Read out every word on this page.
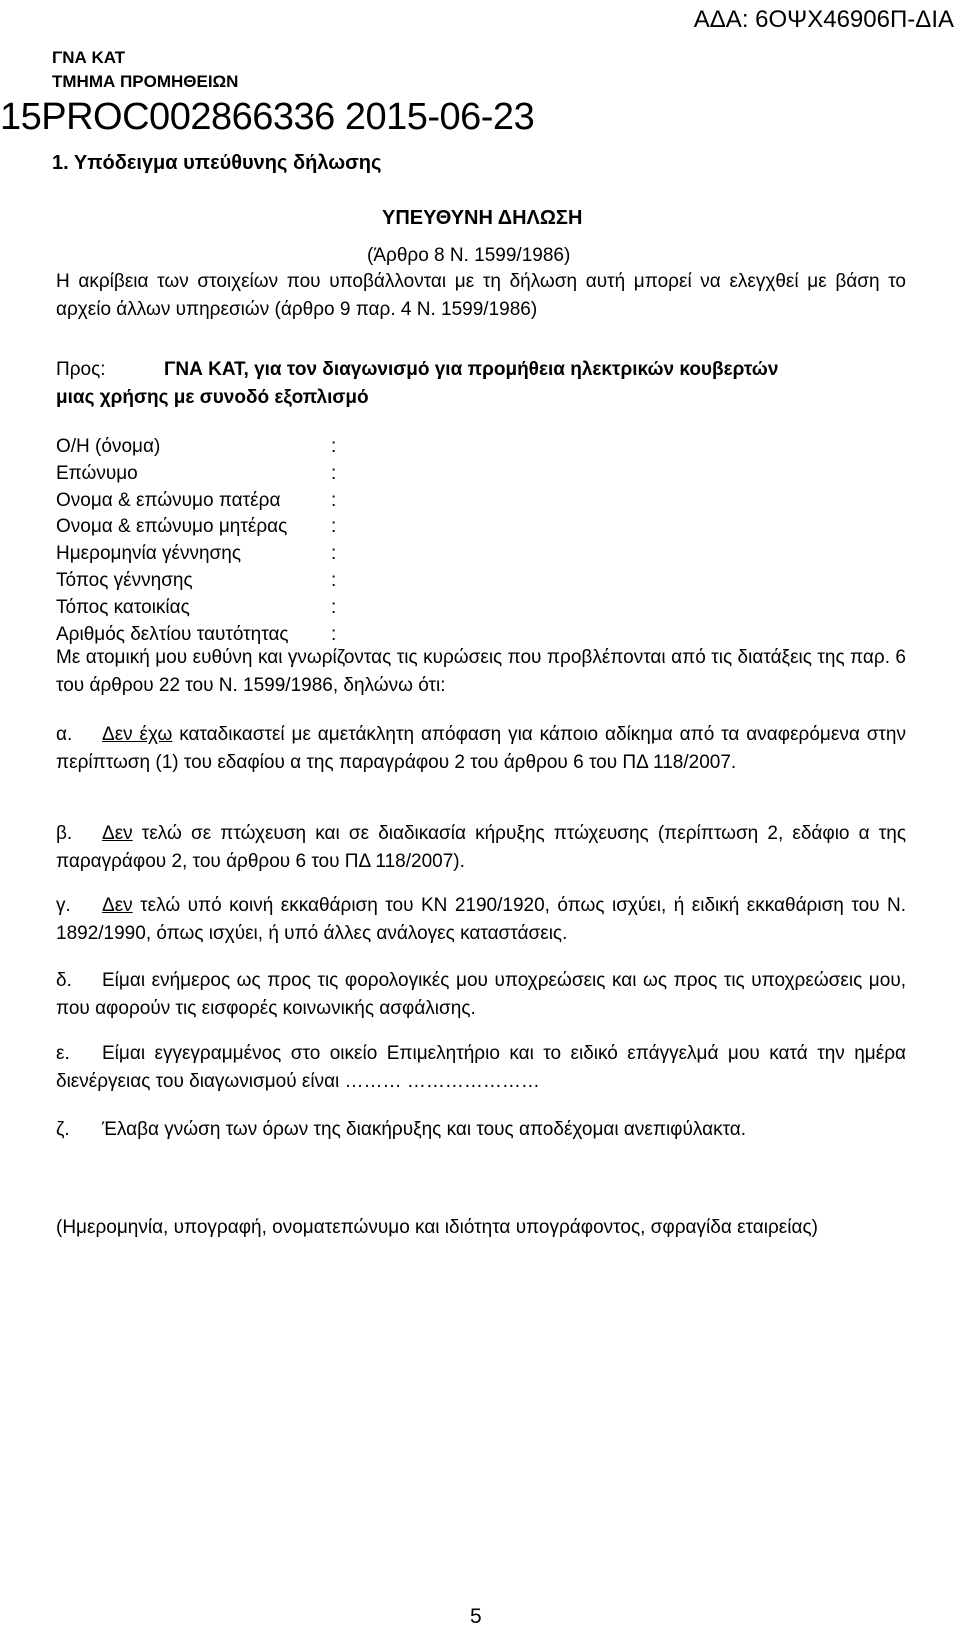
ΑΔΑ: 6ΟΨΧ46906Π-ΔΙΑ
ΓΝΑ ΚΑΤ
ΤΜΗΜΑ ΠΡΟΜΗΘΕΙΩΝ
15PROC002866336 2015-06-23
1. Υπόδειγμα υπεύθυνης δήλωσης
ΥΠΕΥΘΥΝΗ ΔΗΛΩΣΗ
(Άρθρο 8 Ν. 1599/1986)
Η ακρίβεια των στοιχείων που υποβάλλονται με τη δήλωση αυτή μπορεί να ελεγχθεί με βάση το αρχείο άλλων υπηρεσιών (άρθρο 9 παρ. 4 Ν. 1599/1986)
Προς:	ΓΝΑ ΚΑΤ, για τον διαγωνισμό για προμήθεια ηλεκτρικών κουβερτών
μιας χρήσης με συνοδό εξοπλισμό
Ο/Η (όνομα)	:
Επώνυμο	:
Ονομα & επώνυμο πατέρα	:
Ονομα & επώνυμο μητέρας :
Ημερομηνία γέννησης	:
Τόπος γέννησης	:
Τόπος κατοικίας	:
Αριθμός δελτίου ταυτότητας :
Με ατομική μου ευθύνη και γνωρίζοντας τις κυρώσεις που προβλέπονται από τις διατάξεις της παρ. 6 του άρθρου 22 του Ν. 1599/1986, δηλώνω ότι:
α.	Δεν έχω καταδικαστεί με αμετάκλητη απόφαση για κάποιο αδίκημα από τα αναφερόμενα στην περίπτωση (1) του εδαφίου α της παραγράφου 2 του άρθρου 6 του ΠΔ 118/2007.
β.	Δεν τελώ σε πτώχευση και σε διαδικασία κήρυξης πτώχευσης (περίπτωση 2, εδάφιο α της παραγράφου 2, του άρθρου 6 του ΠΔ 118/2007).
γ.	Δεν τελώ υπό κοινή εκκαθάριση του ΚΝ 2190/1920, όπως ισχύει, ή ειδική εκκαθάριση του Ν. 1892/1990, όπως ισχύει, ή υπό άλλες ανάλογες καταστάσεις.
δ.	Είμαι ενήμερος ως προς τις φορολογικές μου υποχρεώσεις και ως προς τις υποχρεώσεις μου, που αφορούν τις εισφορές κοινωνικής ασφάλισης.
ε.	Είμαι εγγεγραμμένος στο οικείο Επιμελητήριο και το ειδικό επάγγελμά μου κατά την ημέρα διενέργειας του διαγωνισμού είναι ……… …………………
ζ.	Έλαβα γνώση των όρων της διακήρυξης και τους αποδέχομαι ανεπιφύλακτα.
(Ημερομηνία, υπογραφή, ονοματεπώνυμο και ιδιότητα υπογράφοντος, σφραγίδα εταιρείας)
5
